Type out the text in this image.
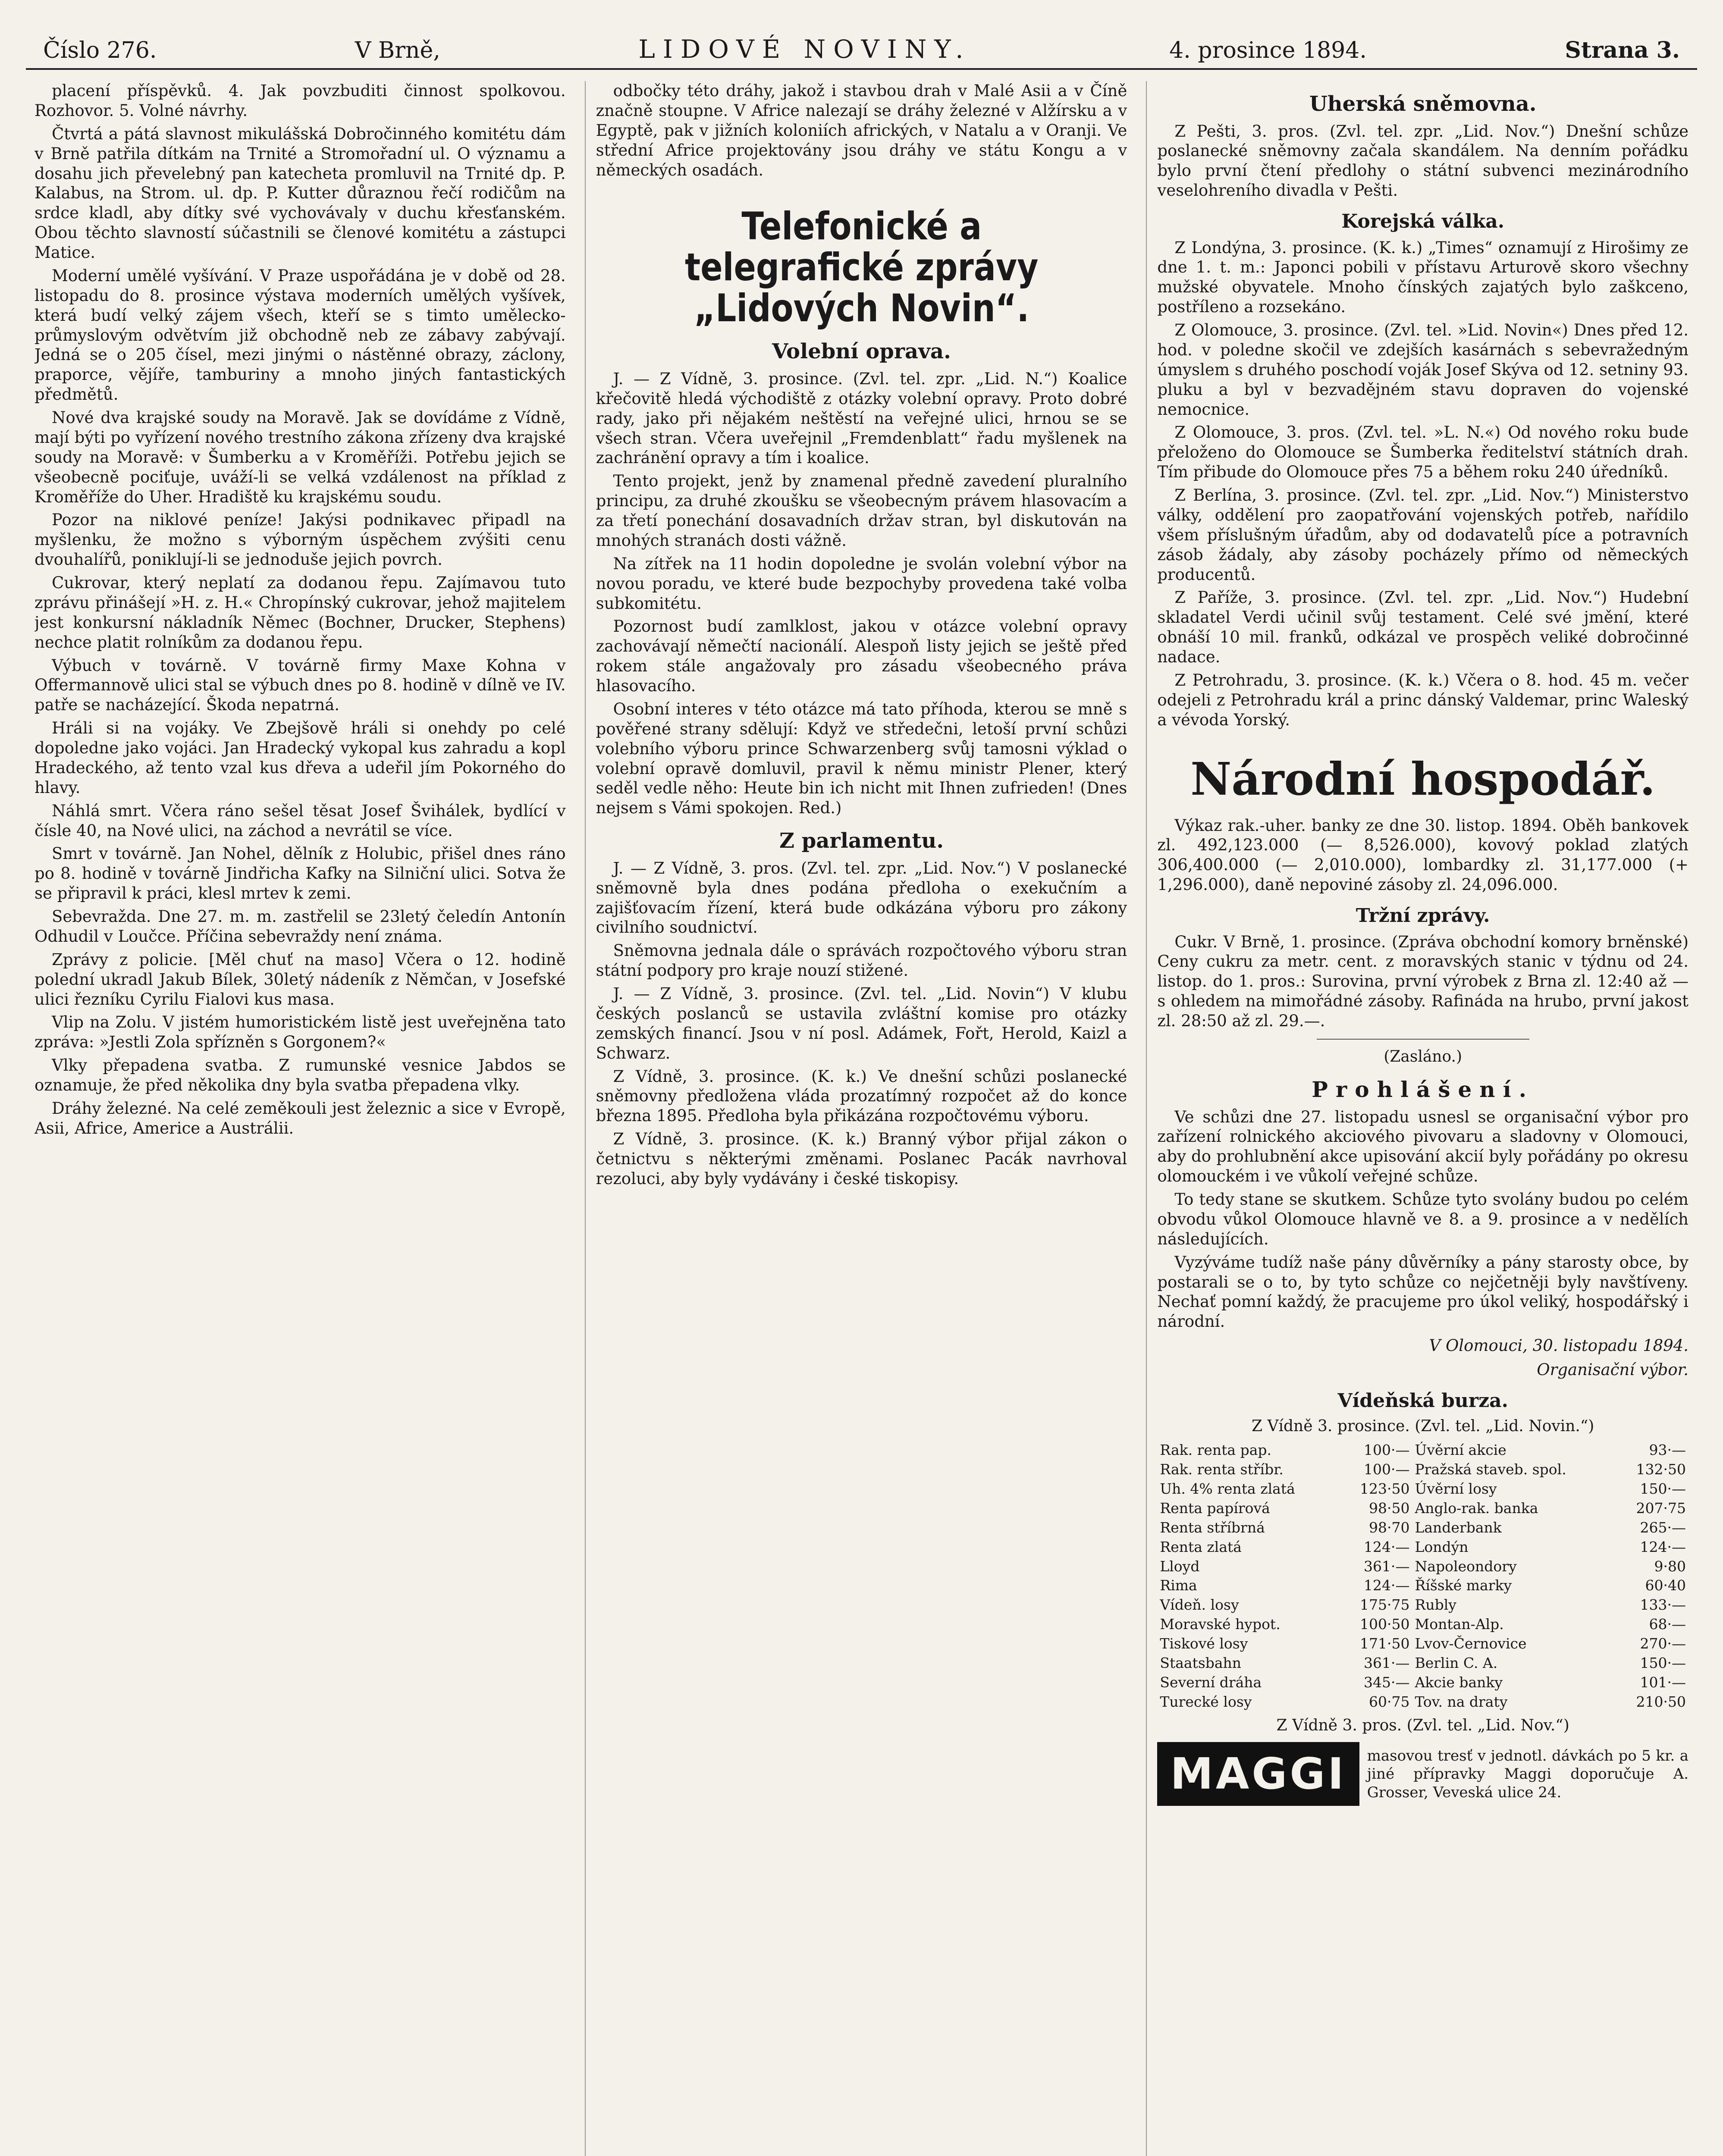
Číslo 276.	V Brně,	LIDOVÉ NOVINY.	4. prosince 1894.	Strana 3.

placení příspěvků. 4. Jak povzbuditi činnost spolkovou. Rozhovor. 5. Volné návrhy.

Čtvrtá a pátá slavnost mikulášská Dobročinného komitétu dám v Brně patřila dítkám na Trnité a Stromořadní ul. O významu a dosahu jich převelebný pan katecheta promluvil na Trnité dp. P. Kalabus, na Strom. ul. dp. P. Kutter důraznou řečí rodičům na srdce kladl, aby dítky své vychovávaly v duchu křesťanském. Obou těchto slavností súčastnili se členové komitétu a zástupci Matice.

Moderní umělé vyšívání. V Praze uspořádána je v době od 28. listopadu do 8. prosince výstava moderních umělých vyšívek, která budí velký zájem všech, kteří se s timto umělecko-průmyslovým odvětvím již obchodně neb ze zábavy zabývají. Jedná se o 205 čísel, mezi jinými o nástěnné obrazy, záclony, praporce, vějíře, tamburiny a mnoho jiných fantastických předmětů.

Nové dva krajské soudy na Moravě. Jak se dovídáme z Vídně, mají býti po vyřízení nového trestního zákona zřízeny dva krajské soudy na Moravě: v Šumberku a v Kroměříži. Potřebu jejich se všeobecně pociťuje, uváží-li se velká vzdálenost na příklad z Kroměříže do Uher. Hradiště ku krajskému soudu.

Pozor na niklové peníze! Jakýsi podnikavec připadl na myšlenku, že možno s výborným úspěchem zvýšiti cenu dvouhalířů, poniklují-li se jednoduše jejich povrch.

Cukrovar, který neplatí za dodanou řepu. Zajímavou tuto zprávu přinášejí »H. z. H.« Chropínský cukrovar, jehož majitelem jest konkursní nákladník Němec (Bochner, Drucker, Stephens) nechce platit rolníkům za dodanou řepu.

Výbuch v továrně. V továrně firmy Maxe Kohna v Offermannově ulici stal se výbuch dnes po 8. hodině v dílně ve IV. patře se nacházející. Škoda nepatrná.

Hráli si na vojáky. Ve Zbejšově hráli si onehdy po celé dopoledne jako vojáci. Jan Hradecký vykopal kus zahradu a kopl Hradeckého, až tento vzal kus dřeva a udeřil jím Pokorného do hlavy.

Náhlá smrt. Včera ráno sešel těsat Josef Švihálek, bydlící v čísle 40, na Nové ulici, na záchod a nevrátil se více.

Smrt v továrně. Jan Nohel, dělník z Holubic, přišel dnes ráno po 8. hodině v továrně Jindřicha Kafky na Silniční ulici. Sotva že se připravil k práci, klesl mrtev k zemi.

Sebevražda. Dne 27. m. m. zastřelil se 23letý čeledín Antonín Odhudil v Loučce. Příčina sebevraždy není známa.

Zprávy z policie. [Měl chuť na maso] Včera o 12. hodině polední ukradl Jakub Bílek, 30letý nádeník z Němčan, v Josefské ulici řezníku Cyrilu Fialovi kus masa.

Vlip na Zolu. V jistém humoristickém listě jest uveřejněna tato zpráva: »Jestli Zola spřízněn s Gorgonem?«

Vlky přepadena svatba. Z rumunské vesnice Jabdos se oznamuje, že před několika dny byla svatba přepadena vlky.

Dráhy železné. Na celé zeměkouli jest železnic a sice v Evropě, Asii, Africe, Americe a Austrálii.

odbočky této dráhy, jakož i stavbou drah v Malé Asii a v Číně značně stoupne. V Africe nalezají se dráhy železné v Alžírsku a v Egyptě, pak v jižních koloniích afrických, v Natalu a v Oranji. Ve střední Africe projektovány jsou dráhy ve státu Kongu a v německých osadách.

Telefonické a telegrafické zprávy „Lidových Novin“.
Volební oprava.

J. — Z Vídně, 3. prosince. (Zvl. tel. zpr. „Lid. N.“) Koalice křečovitě hledá východiště z otázky volební opravy. Proto dobré rady, jako při nějakém neštěstí na veřejné ulici, hrnou se se všech stran. Včera uveřejnil „Fremdenblatt“ řadu myšlenek na zachránění opravy a tím i koalice.

Tento projekt, jenž by znamenal předně zavedení pluralního principu, za druhé zkoušku se všeobecným právem hlasovacím a za třetí ponechání dosavadních držav stran, byl diskutován na mnohých stranách dosti vážně.

Na zítřek na 11 hodin dopoledne je svolán volební výbor na novou poradu, ve které bude bezpochyby provedena také volba subkomitétu.

Pozornost budí zamlklost, jakou v otázce volební opravy zachovávají němečtí nacionálí. Alespoň listy jejich se ještě před rokem stále angažovaly pro zásadu všeobecného práva hlasovacího.

Osobní interes v této otázce má tato příhoda, kterou se mně s pověřené strany sdělují: Když ve středečni, letoší první schůzi volebního výboru prince Schwarzenberg svůj tamosni výklad o volební opravě domluvil, pravil k němu ministr Plener, který seděl vedle něho: Heute bin ich nicht mit Ihnen zufrieden! (Dnes nejsem s Vámi spokojen. Red.)

Z parlamentu.

J. — Z Vídně, 3. pros. (Zvl. tel. zpr. „Lid. Nov.“) V poslanecké sněmovně byla dnes podána předloha o exekučním a zajišťovacím řízení, která bude odkázána výboru pro zákony civilního soudnictví.

Sněmovna jednala dále o správách rozpočtového výboru stran státní podpory pro kraje nouzí stižené.

J. — Z Vídně, 3. prosince. (Zvl. tel. „Lid. Novin“) V klubu českých poslanců se ustavila zvláštní komise pro otázky zemských financí. Jsou v ní posl. Adámek, Fořt, Herold, Kaizl a Schwarz.

Z Vídně, 3. prosince. (K. k.) Ve dnešní schůzi poslanecké sněmovny předložena vláda prozatímný rozpočet až do konce března 1895. Předloha byla přikázána rozpočtovému výboru.

Z Vídně, 3. prosince. (K. k.) Branný výbor přijal zákon o četnictvu s některými změnami. Poslanec Pacák navrhoval rezoluci, aby byly vydávány i české tiskopisy.

Uherská sněmovna.

Z Pešti, 3. pros. (Zvl. tel. zpr. „Lid. Nov.“) Dnešní schůze poslanecké sněmovny začala skandálem. Na denním pořádku bylo první čtení předlohy o státní subvenci mezinárodního veselohreního divadla v Pešti.

Korejská válka.

Z Londýna, 3. prosince. (K. k.) „Times“ oznamují z Hirošimy ze dne 1. t. m.: Japonci pobili v přístavu Arturově skoro všechny mužské obyvatele. Mnoho čínských zajatých bylo zaškceno, postříleno a rozsekáno.

Z Olomouce, 3. prosince. (Zvl. tel. »Lid. Novin«) Dnes před 12. hod. v poledne skočil ve zdejších kasárnách s sebevražedným úmyslem s druhého poschodí voják Josef Skýva od 12. setniny 93. pluku a byl v bezvadějném stavu dopraven do vojenské nemocnice.

Z Olomouce, 3. pros. (Zvl. tel. »L. N.«) Od nového roku bude přeloženo do Olomouce se Šumberka ředitelství státních drah. Tím přibude do Olomouce přes 75 a během roku 240 úředníků.

Z Berlína, 3. prosince. (Zvl. tel. zpr. „Lid. Nov.“) Ministerstvo války, oddělení pro zaopatřování vojenských potřeb, nařídilo všem příslušným úřadům, aby od dodavatelů píce a potravních zásob žádaly, aby zásoby pocházely přímo od německých producentů.

Z Paříže, 3. prosince. (Zvl. tel. zpr. „Lid. Nov.“) Hudební skladatel Verdi učinil svůj testament. Celé své jmění, které obnáší 10 mil. franků, odkázal ve prospěch veliké dobročinné nadace.

Z Petrohradu, 3. prosince. (K. k.) Včera o 8. hod. 45 m. večer odejeli z Petrohradu král a princ dánský Valdemar, princ Waleský a vévoda Yorský.

Národní hospodář.

Výkaz rak.-uher. banky ze dne 30. listop. 1894. Oběh bankovek zl. 492,123.000 (— 8,526.000), kovový poklad zlatých 306,400.000 (— 2,010.000), lombardky zl. 31,177.000 (+ 1,296.000), daně nepoviné zásoby zl. 24,096.000.

Tržní zprávy.

Cukr. V Brně, 1. prosince. (Zpráva obchodní komory brněnské) Ceny cukru za metr. cent. z moravských stanic v týdnu od 24. listop. do 1. pros.: Surovina, první výrobek z Brna zl. 12:40 až — s ohledem na mimořádné zásoby. Rafináda na hrubo, první jakost zl. 28:50 až zl. 29.—.

(Zasláno.)
Prohlášení.

Ve schůzi dne 27. listopadu usnesl se organisační výbor pro zařízení rolnického akciového pivovaru a sladovny v Olomouci, aby do prohlubnění akce upisování akcií byly pořádány po okresu olomouckém i ve vůkolí veřejné schůze.

To tedy stane se skutkem. Schůze tyto svolány budou po celém obvodu vůkol Olomouce hlavně ve 8. a 9. prosince a v nedělích následujících.

Vyzýváme tudíž naše pány důvěrníky a pány starosty obce, by postarali se o to, by tyto schůze co nejčetněji byly navštíveny. Nechať pomní každý, že pracujeme pro úkol veliký, hospodářský i národní.

V Olomouci, 30. listopadu 1894.
Organisační výbor.
Vídeňská burza.
Z Vídně 3. prosince. (Zvl. tel. „Lid. Novin.“)
Rak. renta pap.	100·—	Úvěrní akcie	93·—
Rak. renta stříbr.	100·—	Pražská staveb. spol.	132·50
Uh. 4% renta zlatá	123·50	Úvěrní losy	150·—
Renta papírová	98·50	Anglo-rak. banka	207·75
Renta stříbrná	98·70	Landerbank	265·—
Renta zlatá	124·—	Londýn	124·—
Lloyd	361·—	Napoleondory	9·80
Rima	124·—	Říšské marky	60·40
Vídeň. losy	175·75	Rubly	133·—
Moravské hypot.	100·50	Montan-Alp.	68·—
Tiskové losy	171·50	Lvov-Černovice	270·—
Staatsbahn	361·—	Berlin C. A.	150·—
Severní dráha	345·—	Akcie banky	101·—
Turecké losy	60·75	Tov. na draty	210·50
Z Vídně 3. pros. (Zvl. tel. „Lid. Nov.“)
MAGGI	masovou tresť v jednotl. dávkách po 5 kr. a jiné přípravky Maggi doporučuje A. Grosser, Veveská ulice 24.
